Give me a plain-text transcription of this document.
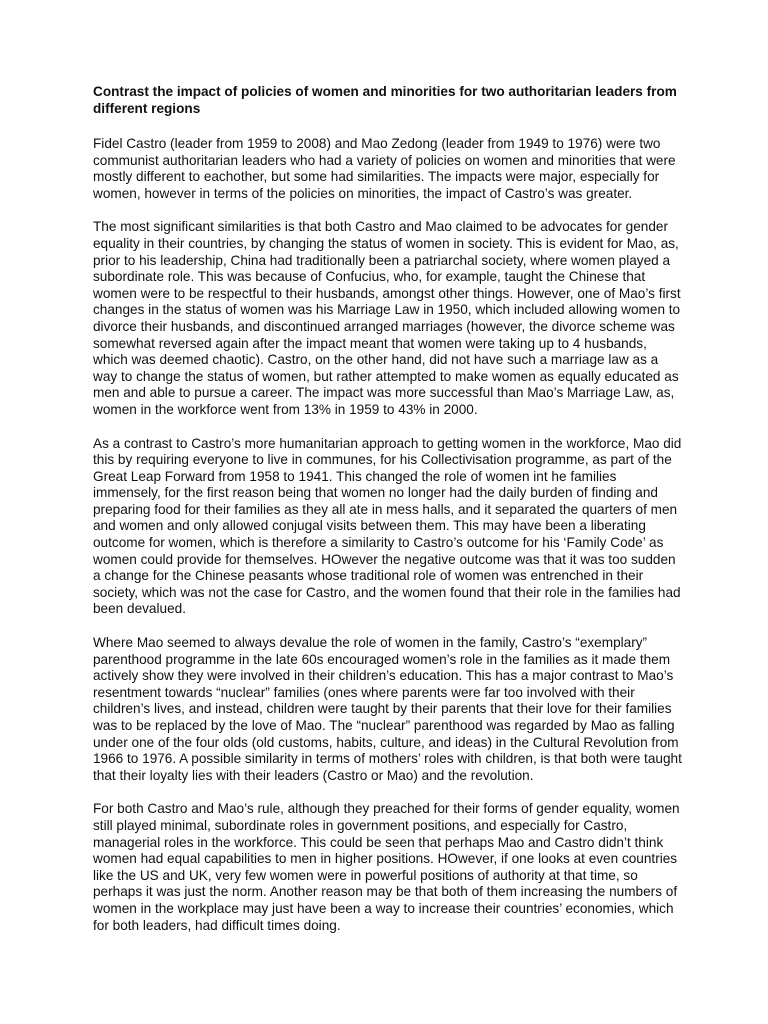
Contrast the impact of policies of women and minorities for two authoritarian leaders from different regions

Fidel Castro (leader from 1959 to 2008) and Mao Zedong (leader from 1949 to 1976) were two communist authoritarian leaders who had a variety of policies on women and minorities that were mostly different to eachother, but some had similarities. The impacts were major, especially for women, however in terms of the policies on minorities, the impact of Castro’s was greater.

The most significant similarities is that both Castro and Mao claimed to be advocates for gender equality in their countries, by changing the status of women in society. This is evident for Mao, as, prior to his leadership, China had traditionally been a patriarchal society, where women played a subordinate role. This was because of Confucius, who, for example, taught the Chinese that women were to be respectful to their husbands, amongst other things. However, one of Mao’s first changes in the status of women was his Marriage Law in 1950, which included allowing women to divorce their husbands, and discontinued arranged marriages (however, the divorce scheme was somewhat reversed again after the impact meant that women were taking up to 4 husbands, which was deemed chaotic). Castro, on the other hand, did not have such a marriage law as a way to change the status of women, but rather attempted to make women as equally educated as men and able to pursue a career. The impact was more successful than Mao’s Marriage Law, as, women in the workforce went from 13% in 1959 to 43% in 2000.

As a contrast to Castro’s more humanitarian approach to getting women in the workforce, Mao did this by requiring everyone to live in communes, for his Collectivisation programme, as part of the Great Leap Forward from 1958 to 1941. This changed the role of women int he families immensely, for the first reason being that women no longer had the daily burden of finding and preparing food for their families as they all ate in mess halls, and it separated the quarters of men and women and only allowed conjugal visits between them. This may have been a liberating outcome for women, which is therefore a similarity to Castro’s outcome for his ‘Family Code’ as women could provide for themselves. HOwever the negative outcome was that it was too sudden a change for the Chinese peasants whose traditional role of women was entrenched in their society, which was not the case for Castro, and the women found that their role in the families had been devalued.

Where Mao seemed to always devalue the role of women in the family, Castro’s “exemplary” parenthood programme in the late 60s encouraged women’s role in the families as it made them actively show they were involved in their children’s education. This has a major contrast to Mao’s resentment towards “nuclear” families (ones where parents were far too involved with their children’s lives, and instead, children were taught by their parents that their love for their families was to be replaced by the love of Mao. The “nuclear” parenthood was regarded by Mao as falling under one of the four olds (old customs, habits, culture, and ideas) in the Cultural Revolution from 1966 to 1976. A possible similarity in terms of mothers’ roles with children, is that both were taught that their loyalty lies with their leaders (Castro or Mao) and the revolution.

For both Castro and Mao’s rule, although they preached for their forms of gender equality, women still played minimal, subordinate roles in government positions, and especially for Castro, managerial roles in the workforce. This could be seen that perhaps Mao and Castro didn’t think women had equal capabilities to men in higher positions. HOwever, if one looks at even countries like the US and UK, very few women were in powerful positions of authority at that time, so perhaps it was just the norm. Another reason may be that both of them increasing the numbers of women in the workplace may just have been a way to increase their countries’ economies, which for both leaders, had difficult times doing.
